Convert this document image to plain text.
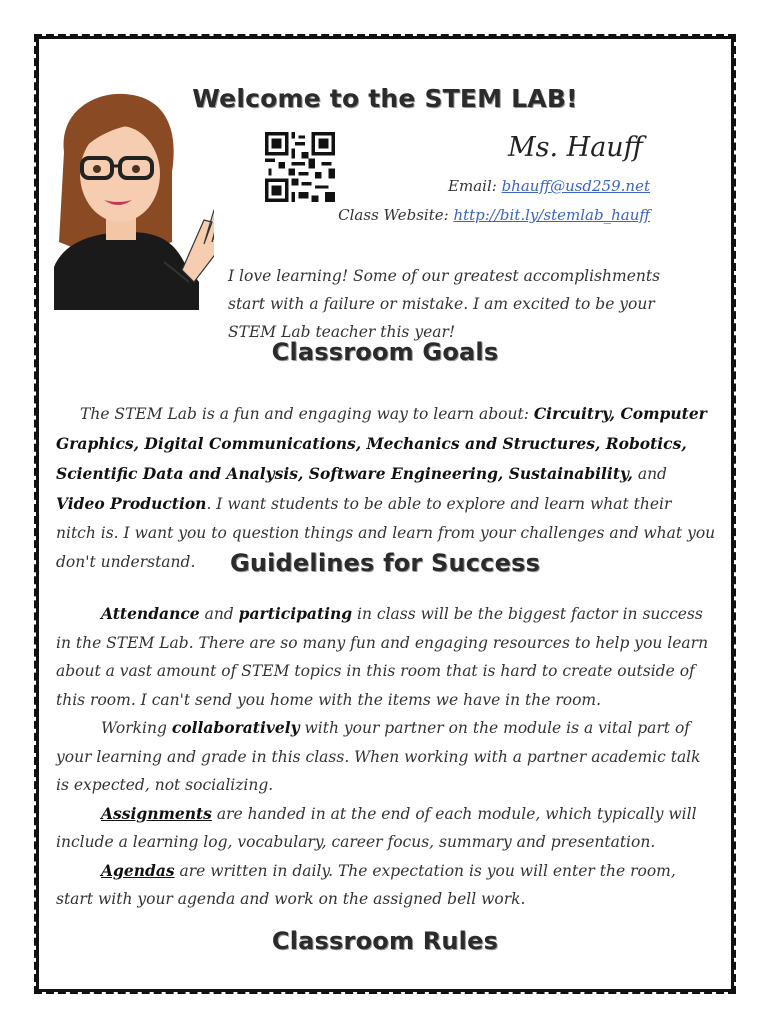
Welcome to the STEM LAB!
Ms. Hauff
Email: bhauff@usd259.net
Class Website: http://bit.ly/stemlab_hauff
I love learning! Some of our greatest accomplishments start with a failure or mistake. I am excited to be your STEM Lab teacher this year!
Classroom Goals
The STEM Lab is a fun and engaging way to learn about: Circuitry, Computer Graphics, Digital Communications, Mechanics and Structures, Robotics, Scientific Data and Analysis, Software Engineering, Sustainability, and Video Production. I want students to be able to explore and learn what their nitch is. I want you to question things and learn from your challenges and what you don't understand.	Guidelines for Success
Attendance and participating in class will be the biggest factor in success in the STEM Lab. There are so many fun and engaging resources to help you learn about a vast amount of STEM topics in this room that is hard to create outside of this room. I can't send you home with the items we have in the room.
Working collaboratively with your partner on the module is a vital part of your learning and grade in this class. When working with a partner academic talk is expected, not socializing.
Assignments are handed in at the end of each module, which typically will include a learning log, vocabulary, career focus, summary and presentation.
Agendas are written in daily. The expectation is you will enter the room, start with your agenda and work on the assigned bell work.
Classroom Rules
